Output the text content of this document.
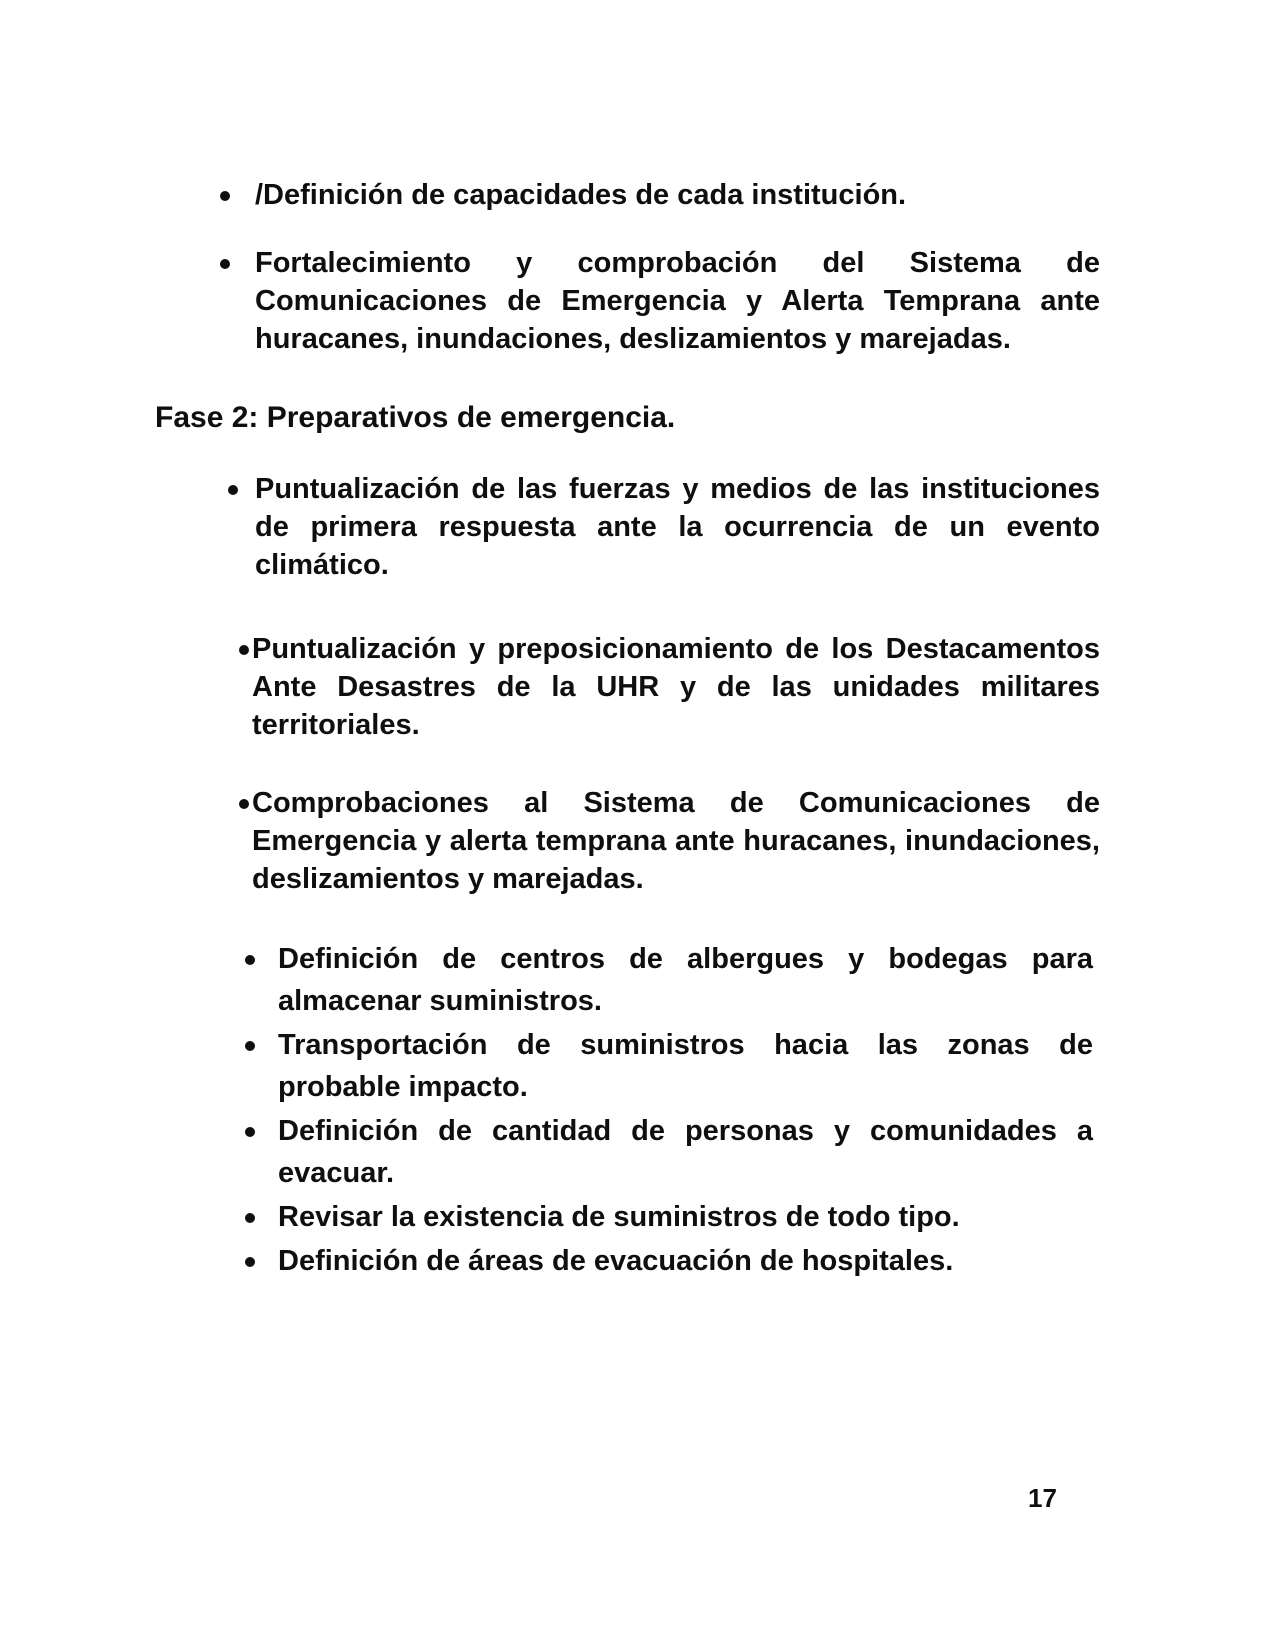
/Definición de capacidades de cada institución.
Fortalecimiento y comprobación del Sistema de Comunicaciones de Emergencia y Alerta Temprana ante huracanes, inundaciones, deslizamientos y marejadas.
Fase 2: Preparativos de emergencia.
Puntualización de las fuerzas y medios de las instituciones de primera respuesta ante la ocurrencia de un evento climático.
Puntualización y preposicionamiento de los Destacamentos Ante Desastres de la UHR y de las unidades militares territoriales.
Comprobaciones al Sistema de Comunicaciones de Emergencia y alerta temprana ante huracanes, inundaciones, deslizamientos y marejadas.
Definición de centros de albergues y bodegas para almacenar suministros.
Transportación de suministros hacia las zonas de probable impacto.
Definición de cantidad de personas y comunidades a evacuar.
Revisar la existencia de suministros de todo tipo.
Definición de áreas de evacuación de hospitales.
17
